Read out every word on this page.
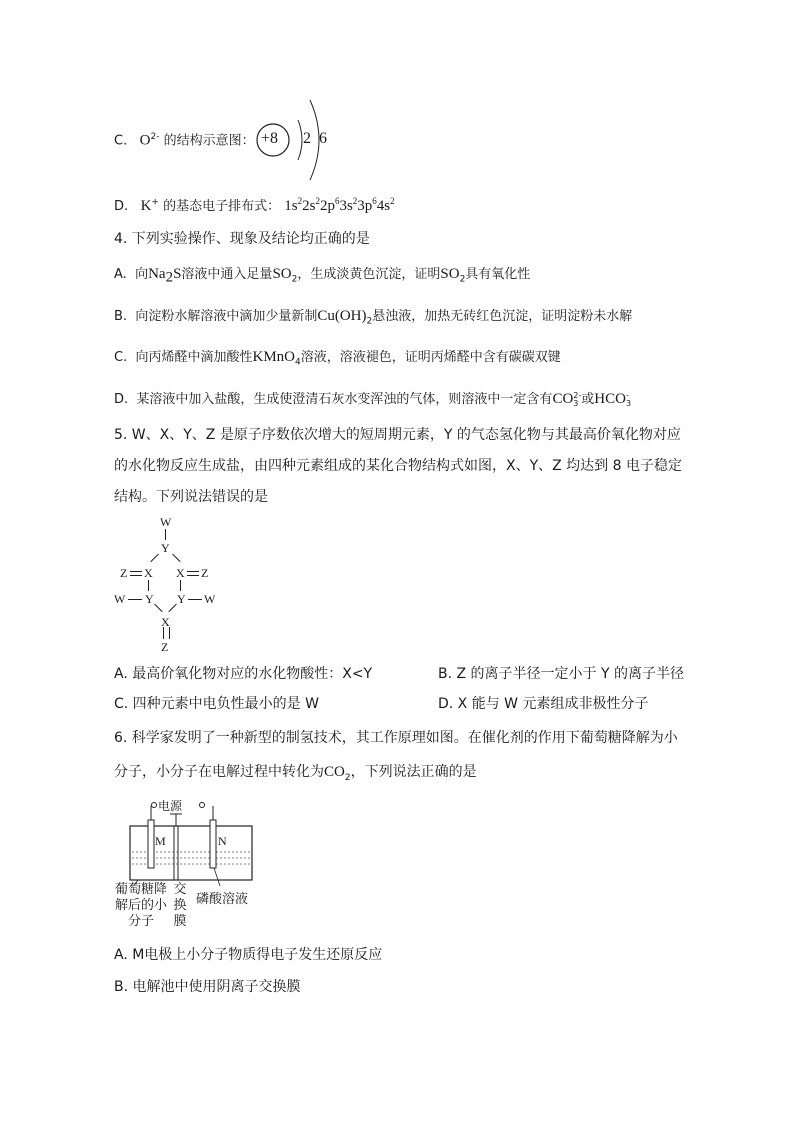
C. $O^{2-}$ 的结构示意图： +8 2 6
D. K+ 的基态电子排布式： $1s^22s^22p^63s^23p^64s^2$
4. 下列实验操作、现象及结论均正确的是
A. 向$Na_2S$溶液中通入足量$SO_2$，生成淡黄色沉淀，证明$SO_2$具有氧化性
B. 向淀粉水解溶液中滴加少量新制$Cu(OH)_2$悬浊液，加热无砖红色沉淀，证明淀粉未水解
C. 向丙烯醛中滴加酸性KMnO$_4$溶液，溶液褪色，证明丙烯醛中含有碳碳双键
D. 某溶液中加入盐酸，生成使澄清石灰水变浑浊的气体，则溶液中一定含有CO 2-
3 或HCO -
3
5. W、X、Y、Z 是原子序数依次增大的短周期元素，Y 的气态氢化物与其最高价氧化物对应
的水化物反应生成盐，由四种元素组成的某化合物结构式如图，X、Y、Z 均达到 8 电子稳定
结构。下列说法错误的是
W
Y
Z X X Z
W Y Y W
X
Z
A. 最高价氧化物对应的水化物酸性：X<Y	B. Z 的离子半径一定小于 Y 的离子半径
C. 四种元素中电负性最小的是 W	D. X 能与 W 元素组成非极性分子
6. 科学家发明了一种新型的制氢技术，其工作原理如图。在催化剂的作用下葡萄糖降解为小
分子，小分子在电解过程中转化为$CO_2$，下列说法正确的是
电源
M	N
葡萄糖降
解后的小
分子
交
换
膜
磷酸溶液
A. M电极上小分子物质得电子发生还原反应
B. 电解池中使用阴离子交换膜
